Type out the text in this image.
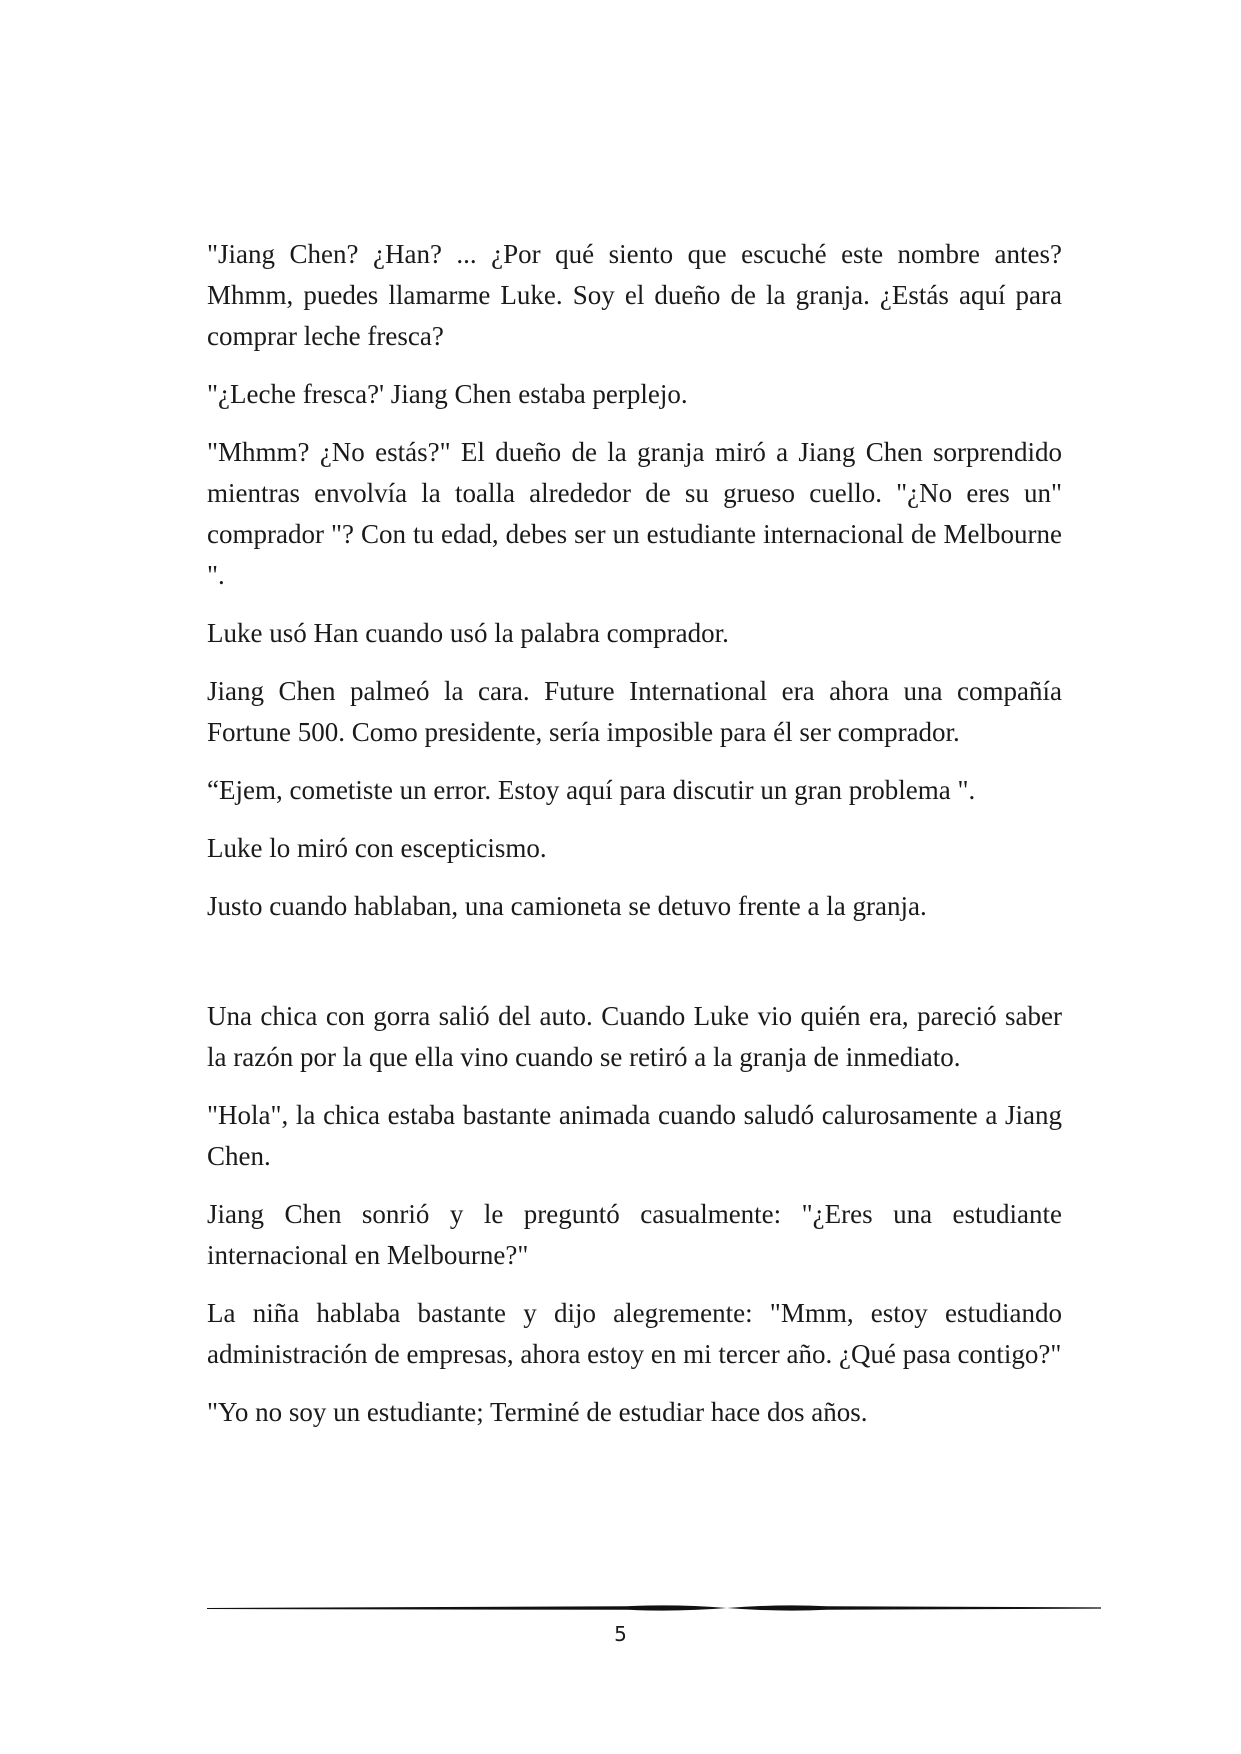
"Jiang Chen? ¿Han? ... ¿Por qué siento que escuché este nombre antes? Mhmm, puedes llamarme Luke. Soy el dueño de la granja. ¿Estás aquí para comprar leche fresca?

"¿Leche fresca?' Jiang Chen estaba perplejo.

"Mhmm? ¿No estás?" El dueño de la granja miró a Jiang Chen sorprendido mientras envolvía la toalla alrededor de su grueso cuello. "¿No eres un" comprador "? Con tu edad, debes ser un estudiante internacional de Melbourne ".

Luke usó Han cuando usó la palabra comprador.

Jiang Chen palmeó la cara. Future International era ahora una compañía Fortune 500. Como presidente, sería imposible para él ser comprador.

“Ejem, cometiste un error. Estoy aquí para discutir un gran problema ".

Luke lo miró con escepticismo.

Justo cuando hablaban, una camioneta se detuvo frente a la granja.

Una chica con gorra salió del auto. Cuando Luke vio quién era, pareció saber la razón por la que ella vino cuando se retiró a la granja de inmediato.

"Hola", la chica estaba bastante animada cuando saludó calurosamente a Jiang Chen.

Jiang Chen sonrió y le preguntó casualmente: "¿Eres una estudiante internacional en Melbourne?"

La niña hablaba bastante y dijo alegremente: "Mmm, estoy estudiando administración de empresas, ahora estoy en mi tercer año. ¿Qué pasa contigo?"

"Yo no soy un estudiante; Terminé de estudiar hace dos años.

5
